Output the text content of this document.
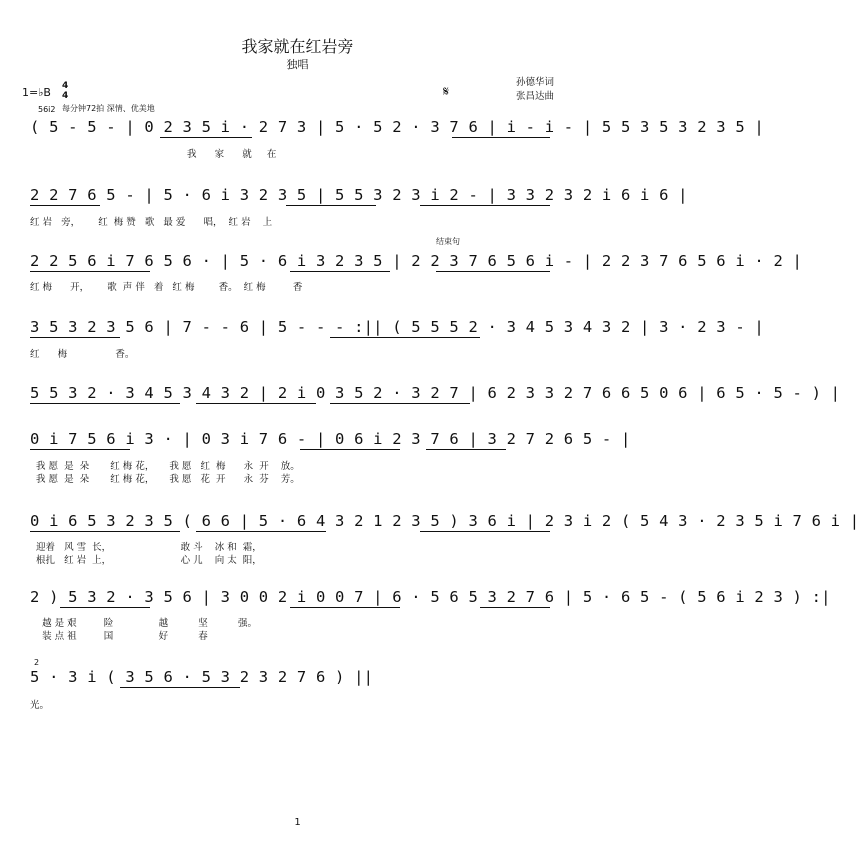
我家就在红岩旁
独唱
孙德华词
张昌达曲
1=♭B 4
4
56i2 每分钟72拍 深情、优美地
𝄋
( 5 - 5 - | 0 2 3 5 i · 2 7 3 | 5 · 5 2 · 3 7 6 | i - i - | 5 5 3 5 3 2 3 5 |
我      家      就     在
2 2 7 6 5 - | 5 · 6 i 3 2 3 5 | 5 5 3 2 3 i 2 - | 3 3 2 3 2 i 6 i 6 |
红 岩   旁，      红  梅 赞   歌   最 爱      唱，  红 岩    上
2 2 5 6 i 7 6 5 6 · | 5 · 6 i 3 2 3 5 | 2 2 3 7 6 5 6 i - | 2 2 3 7 6 5 6 i · 2 |
结束句
红 梅      开，      歌  声 伴   着   红 梅        香。  红 梅         香
3 5 3 2 3 5 6 | 7 - - 6 | 5 - - - :|| ( 5 5 5 2 · 3 4 5 3 4 3 2 | 3 · 2 3 - |
红      梅                香。
5 5 3 2 · 3 4 5 3 4 3 2 | 2 i 0 3 5 2 · 3 2 7 | 6 2 3 3 2 7 6 6 5 0 6 | 6 5 · 5 - ) |
0 i 7 5 6 i 3 · | 0 3 i 7 6 - | 0 6 i 2 3 7 6 | 3 2 7 2 6 5 - |
我 愿  是  朵       红 梅 花，     我 愿   红  梅      永  开    放。
我 愿  是  朵       红 梅 花，     我 愿   花  开      永  芬    芳。
0 i 6 5 3 2 3 5 ( 6 6 | 5 · 6 4 3 2 1 2 3 5 ) 3 6 i | 2 3 i 2 ( 5 4 3 · 2 3 5 i 7 6 i |
迎着   风 雪  长，                       敢 斗    冰 和  霜，
根扎   红 岩  上，                       心 儿    向 太  阳，
2 ) 5 3 2 · 3 5 6 | 3 0 0 2 i 0 0 7 | 6 · 5 6 5 3 2 7 6 | 5 · 6 5 - ( 5 6 i 2 3 ) :|
越 是 艰         险               越          坚          强。
装 点 祖         国               好          春
2
5 · 3 i ( 3 5 6 · 5 3 2 3 2 7 6 ) ||
光。
1
